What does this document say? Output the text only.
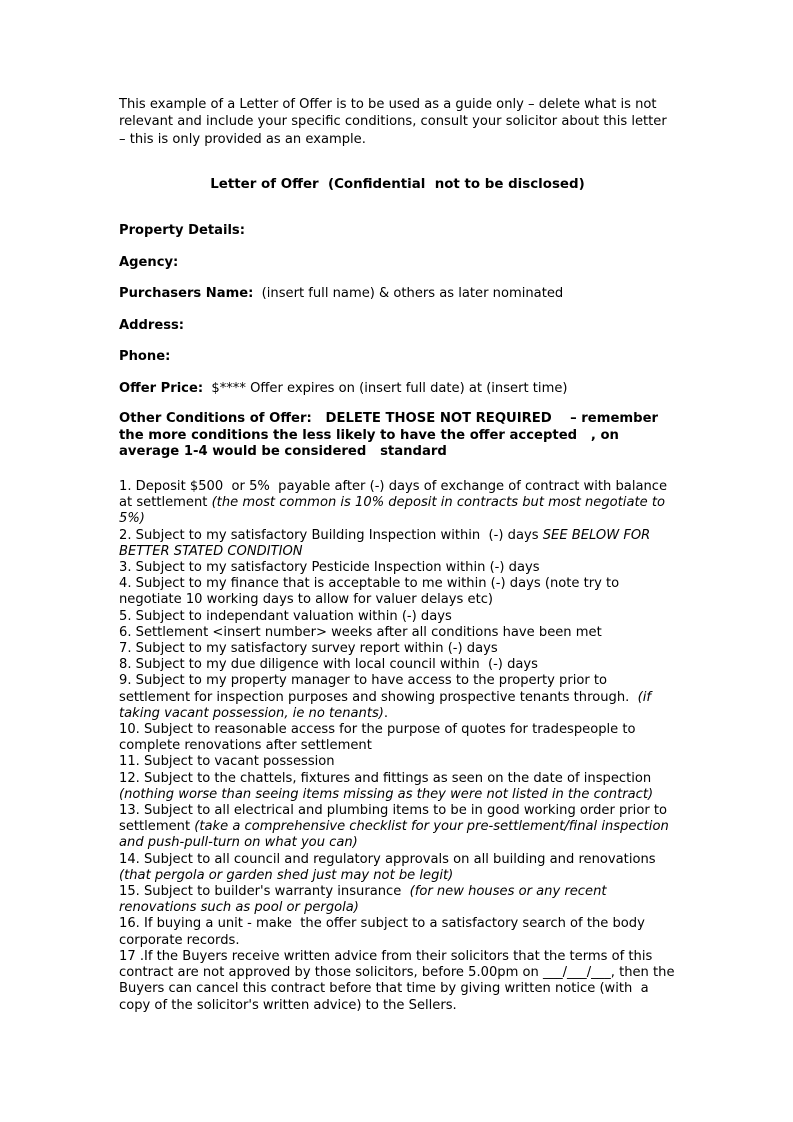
This example of a Letter of Offer is to be used as a guide only – delete what is not relevant and include your specific conditions, consult your solicitor about this letter – this is only provided as an example.

Letter of Offer  (Confidential  not to be disclosed)

Property Details:

Agency:

Purchasers Name:  (insert full name) & others as later nominated

Address:

Phone:

Offer Price:  $**** Offer expires on (insert full date) at (insert time)

Other Conditions of Offer:   DELETE THOSE NOT REQUIRED    – remember the more conditions the less likely to have the offer accepted   , on average 1-4 would be considered   standard

1. Deposit $500  or 5%  payable after (-) days of exchange of contract with balance at settlement (the most common is 10% deposit in contracts but most negotiate to 5%)

2. Subject to my satisfactory Building Inspection within  (-) days SEE BELOW FOR BETTER STATED CONDITION

3. Subject to my satisfactory Pesticide Inspection within (-) days

4. Subject to my finance that is acceptable to me within (-) days (note try to negotiate 10 working days to allow for valuer delays etc)

5. Subject to independant valuation within (-) days

6. Settlement <insert number> weeks after all conditions have been met

7. Subject to my satisfactory survey report within (-) days

8. Subject to my due diligence with local council within  (-) days

9. Subject to my property manager to have access to the property prior to settlement for inspection purposes and showing prospective tenants through.  (if taking vacant possession, ie no tenants).

10. Subject to reasonable access for the purpose of quotes for tradespeople to complete renovations after settlement

11. Subject to vacant possession

12. Subject to the chattels, fixtures and fittings as seen on the date of inspection (nothing worse than seeing items missing as they were not listed in the contract)

13. Subject to all electrical and plumbing items to be in good working order prior to settlement (take a comprehensive checklist for your pre-settlement/final inspection and push-pull-turn on what you can)

14. Subject to all council and regulatory approvals on all building and renovations (that pergola or garden shed just may not be legit)

15. Subject to builder's warranty insurance  (for new houses or any recent renovations such as pool or pergola)

16. If buying a unit - make  the offer subject to a satisfactory search of the body corporate records.

17 .If the Buyers receive written advice from their solicitors that the terms of this contract are not approved by those solicitors, before 5.00pm on ___/___/___, then the Buyers can cancel this contract before that time by giving written notice (with  a copy of the solicitor's written advice) to the Sellers.
